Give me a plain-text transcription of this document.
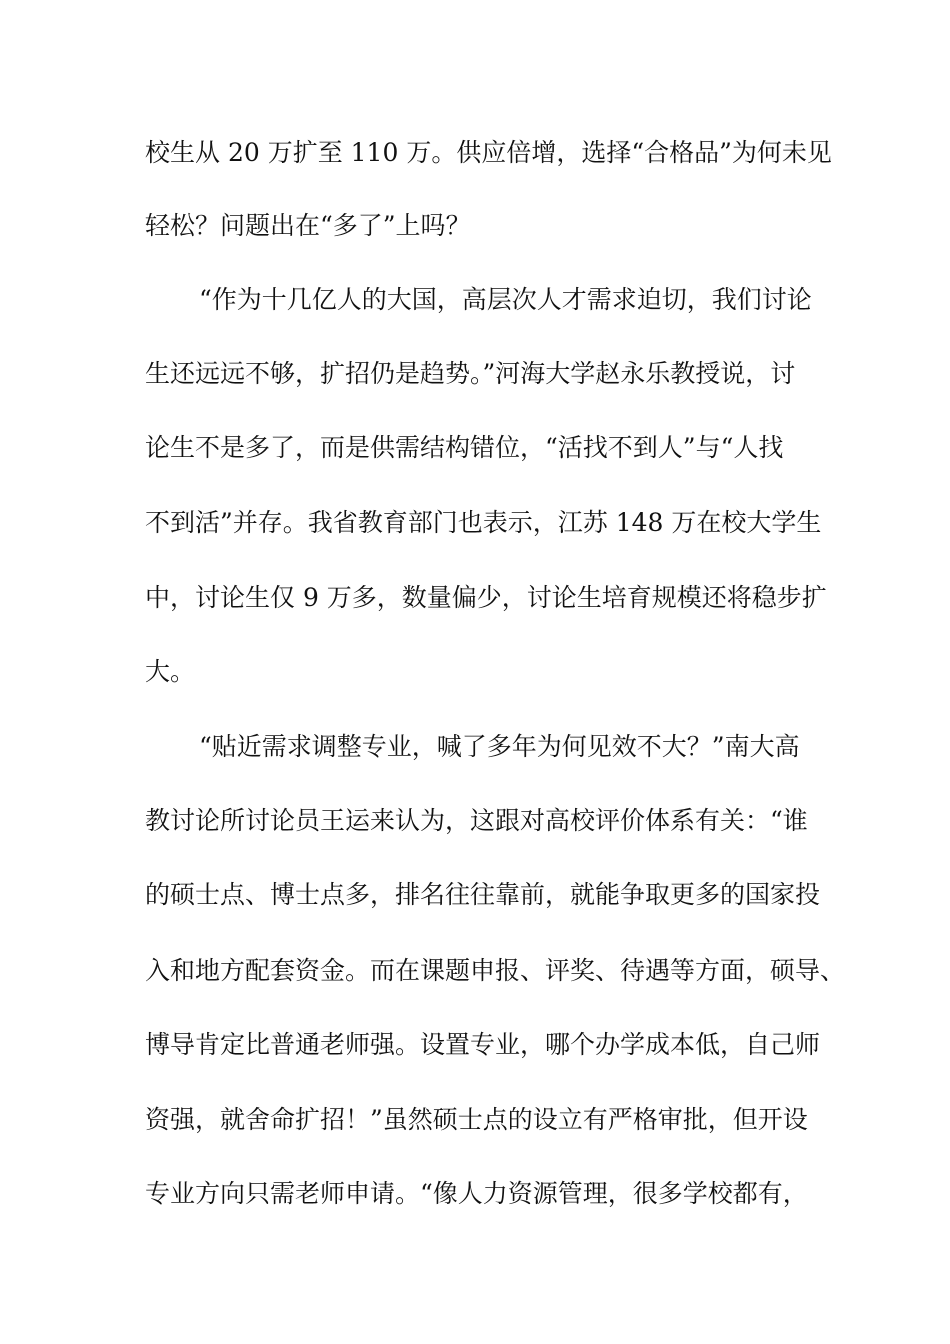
校生从 20 万扩至 110 万。供应倍增，选择“合格品”为何未见
轻松？问题出在“多了”上吗？
“作为十几亿人的大国，高层次人才需求迫切，我们讨论
生还远远不够，扩招仍是趋势。”河海大学赵永乐教授说，讨
论生不是多了，而是供需结构错位，“活找不到人”与“人找
不到活”并存。我省教育部门也表示，江苏 148 万在校大学生
中，讨论生仅 9 万多，数量偏少，讨论生培育规模还将稳步扩
大。
“贴近需求调整专业，喊了多年为何见效不大？”南大高
教讨论所讨论员王运来认为，这跟对高校评价体系有关：“谁
的硕士点、博士点多，排名往往靠前，就能争取更多的国家投
入和地方配套资金。而在课题申报、评奖、待遇等方面，硕导、
博导肯定比普通老师强。设置专业，哪个办学成本低，自己师
资强，就舍命扩招！”虽然硕士点的设立有严格审批，但开设
专业方向只需老师申请。“像人力资源管理，很多学校都有，
